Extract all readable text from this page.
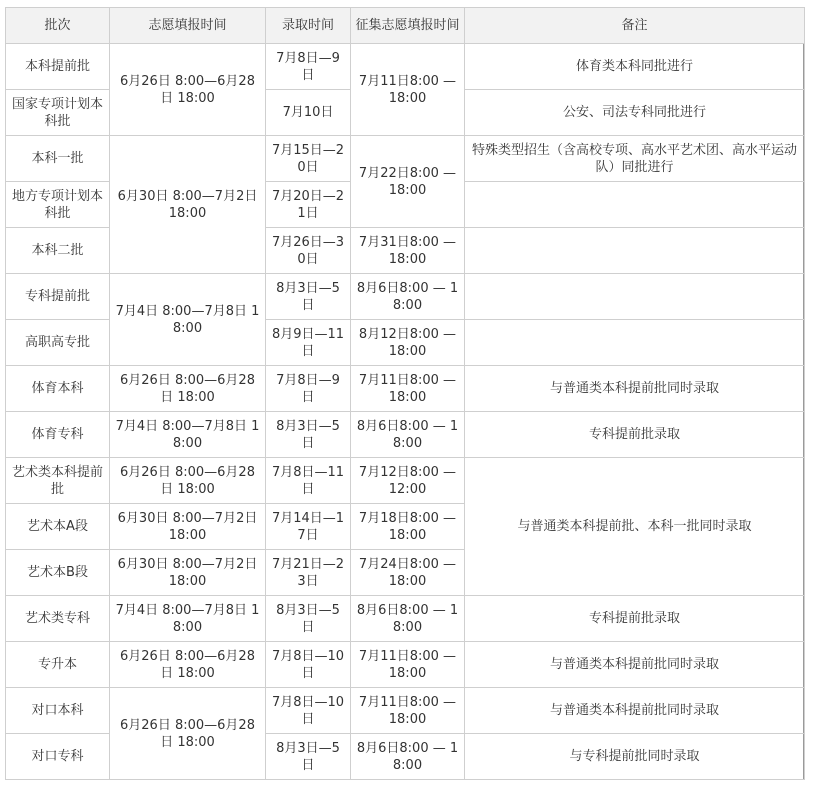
批次	志愿填报时间	录取时间	征集志愿填报时间	备注
本科提前批	6月26日 8:00—6月28日 18:00	7月8日—9日	7月11日8:00 — 18:00	体育类本科同批进行
国家专项计划本科批		7月10日		公安、司法专科同批进行
本科一批	6月30日 8:00—7月2日 18:00	7月15日—20日	7月22日8:00 — 18:00	特殊类型招生（含高校专项、高水平艺术团、高水平运动队）同批进行
地方专项计划本科批		7月20日—21日		
本科二批		7月26日—30日	7月31日8:00 — 18:00	
专科提前批	7月4日 8:00—7月8日 18:00	8月3日—5日	8月6日8:00 — 18:00	
高职高专批		8月9日—11日	8月12日8:00 — 18:00	
体育本科	6月26日 8:00—6月28日 18:00	7月8日—9日	7月11日8:00 — 18:00	与普通类本科提前批同时录取
体育专科	7月4日 8:00—7月8日 18:00	8月3日—5日	8月6日8:00 — 18:00	专科提前批录取
艺术类本科提前批	6月26日 8:00—6月28日 18:00	7月8日—11日	7月12日8:00 — 12:00	与普通类本科提前批、本科一批同时录取
艺术本A段	6月30日 8:00—7月2日 18:00	7月14日—17日	7月18日8:00 — 18:00	
艺术本B段	6月30日 8:00—7月2日 18:00	7月21日—23日	7月24日8:00 — 18:00	
艺术类专科	7月4日 8:00—7月8日 18:00	8月3日—5日	8月6日8:00 — 18:00	专科提前批录取
专升本	6月26日 8:00—6月28日 18:00	7月8日—10日	7月11日8:00 — 18:00	与普通类本科提前批同时录取
对口本科	6月26日 8:00—6月28日 18:00	7月8日—10日	7月11日8:00 — 18:00	与普通类本科提前批同时录取
对口专科		8月3日—5日	8月6日8:00 — 18:00	与专科提前批同时录取
